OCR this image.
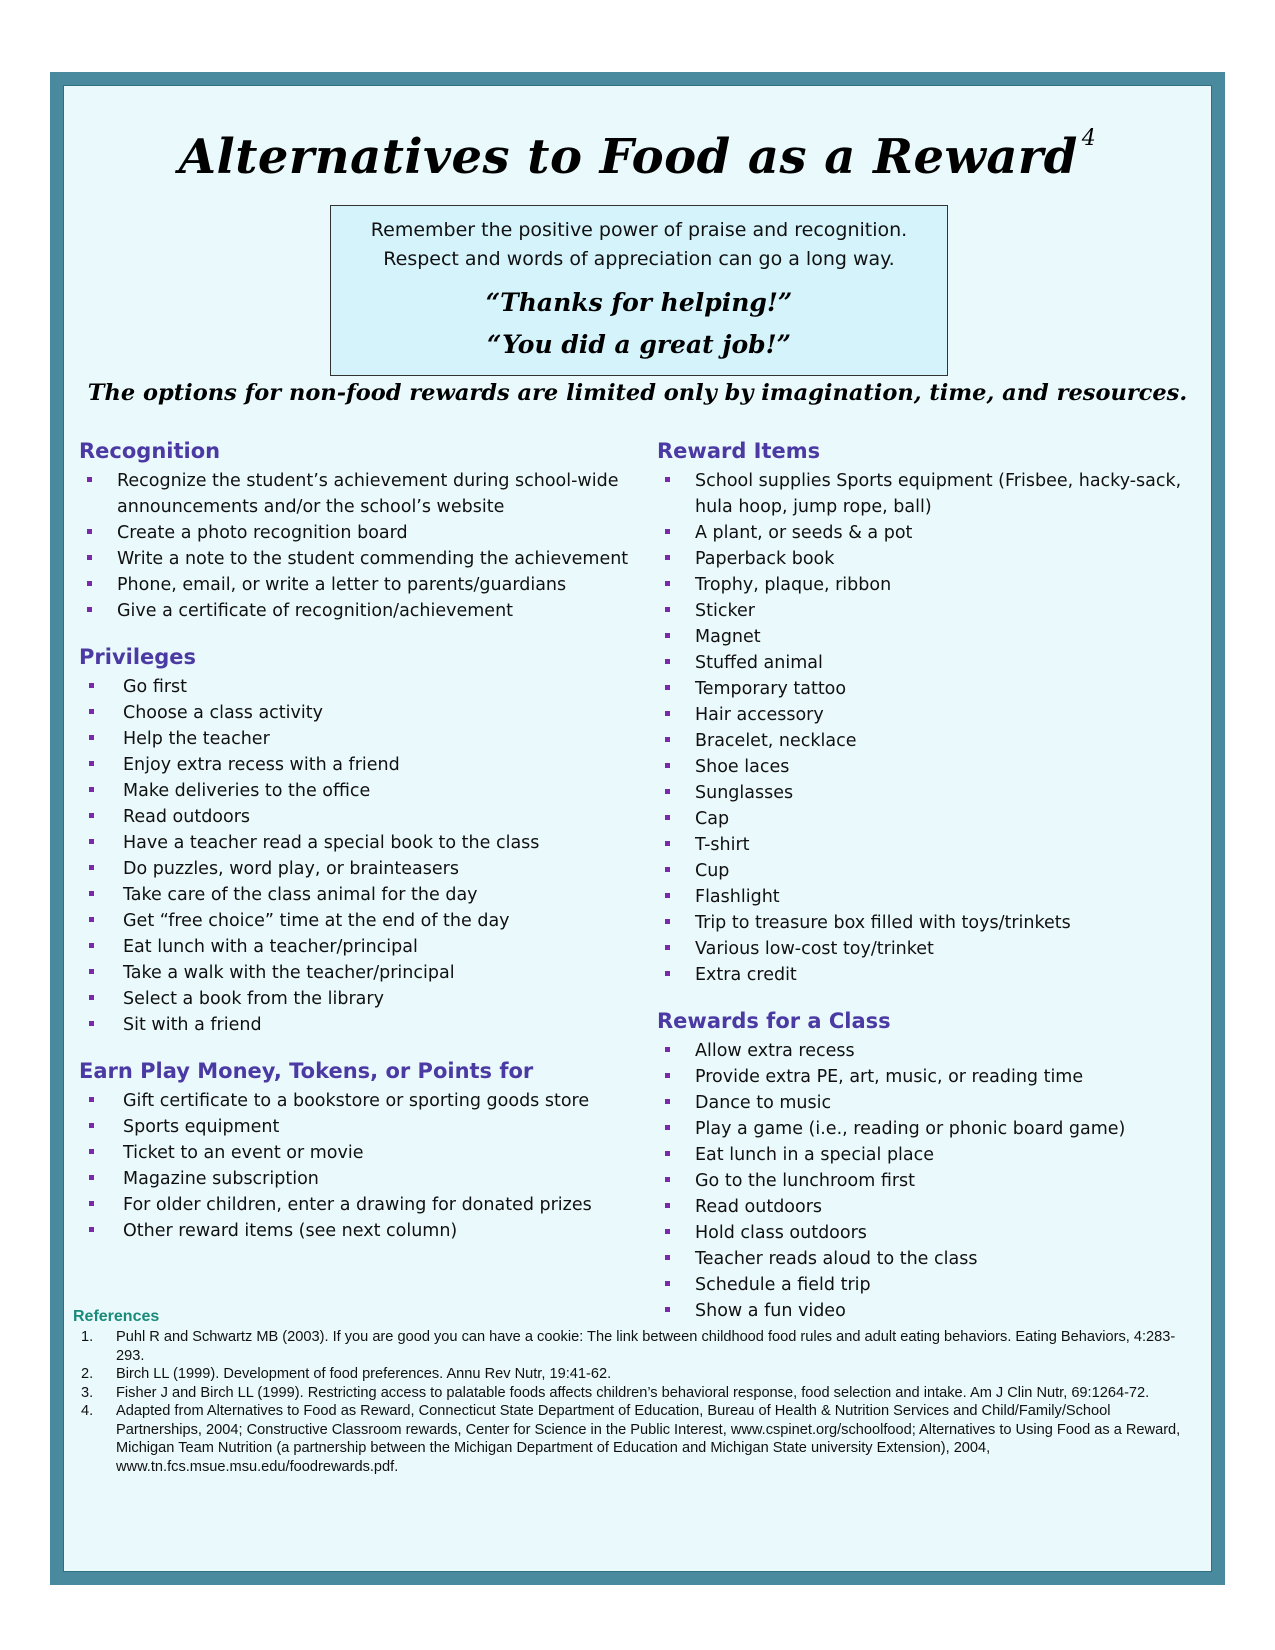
Alternatives to Food as a Reward $^4$

Remember the positive power of praise and recognition.

Respect and words of appreciation can go a long way.

“Thanks for helping!”

“You did a great job!”

The options for non-food rewards are limited only by imagination, time, and resources.

Recognition
Recognize the student’s achievement during school-wide announcements and/or the school’s website
Create a photo recognition board
Write a note to the student commending the achievement
Phone, email, or write a letter to parents/guardians
Give a certificate of recognition/achievement
Privileges
Go first
Choose a class activity
Help the teacher
Enjoy extra recess with a friend
Make deliveries to the office
Read outdoors
Have a teacher read a special book to the class
Do puzzles, word play, or brainteasers
Take care of the class animal for the day
Get “free choice” time at the end of the day
Eat lunch with a teacher/principal
Take a walk with the teacher/principal
Select a book from the library
Sit with a friend
Earn Play Money, Tokens, or Points for
Gift certificate to a bookstore or sporting goods store
Sports equipment
Ticket to an event or movie
Magazine subscription
For older children, enter a drawing for donated prizes
Other reward items (see next column)
Reward Items
School supplies Sports equipment (Frisbee, hacky-sack, hula hoop, jump rope, ball)
A plant, or seeds & a pot
Paperback book
Trophy, plaque, ribbon
Sticker
Magnet
Stuffed animal
Temporary tattoo
Hair accessory
Bracelet, necklace
Shoe laces
Sunglasses
Cap
T-shirt
Cup
Flashlight
Trip to treasure box filled with toys/trinkets
Various low-cost toy/trinket
Extra credit
Rewards for a Class
Allow extra recess
Provide extra PE, art, music, or reading time
Dance to music
Play a game (i.e., reading or phonic board game)
Eat lunch in a special place
Go to the lunchroom first
Read outdoors
Hold class outdoors
Teacher reads aloud to the class
Schedule a field trip
Show a fun video

References

1. Puhl R and Schwartz MB (2003). If you are good you can have a cookie: The link between childhood food rules and adult eating behaviors. Eating Behaviors, 4:283-293.
2. Birch LL (1999). Development of food preferences. Annu Rev Nutr, 19:41-62.
3. Fisher J and Birch LL (1999). Restricting access to palatable foods affects children’s behavioral response, food selection and intake. Am J Clin Nutr, 69:1264-72.
4. Adapted from Alternatives to Food as Reward, Connecticut State Department of Education, Bureau of Health & Nutrition Services and Child/Family/School Partnerships, 2004; Constructive Classroom rewards, Center for Science in the Public Interest, www.cspinet.org/schoolfood; Alternatives to Using Food as a Reward, Michigan Team Nutrition (a partnership between the Michigan Department of Education and Michigan State university Extension), 2004, www.tn.fcs.msue.msu.edu/foodrewards.pdf.
